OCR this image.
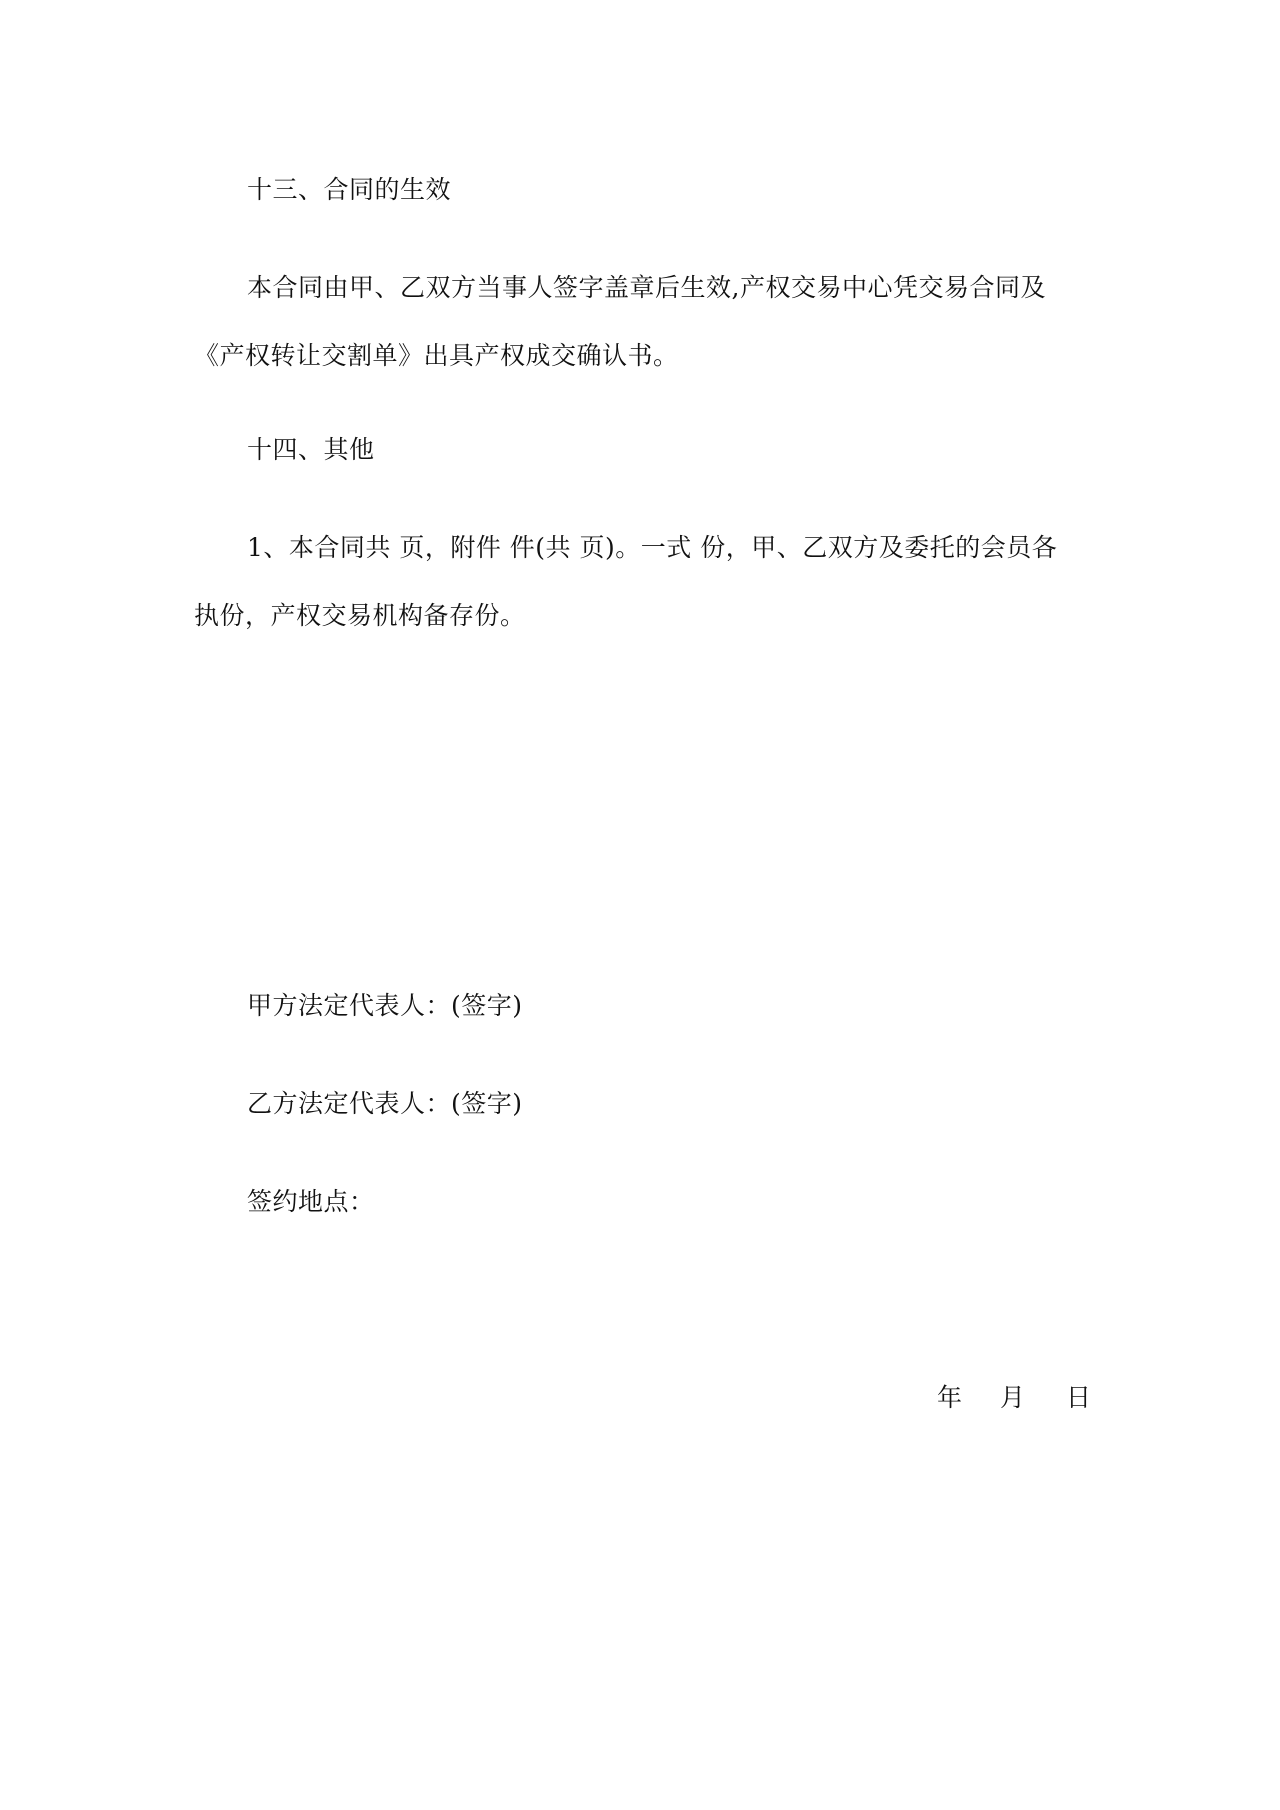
十三、合同的生效
本合同由甲、乙双方当事人签字盖章后生效,产权交易中心凭交易合同及
《产权转让交割单》出具产权成交确认书。
十四、其他
1、本合同共 页，附件 件(共 页)。一式 份，甲、乙双方及委托的会员各
执份，产权交易机构备存份。
甲方法定代表人：(签字)
乙方法定代表人：(签字)
签约地点：
年 月 日
